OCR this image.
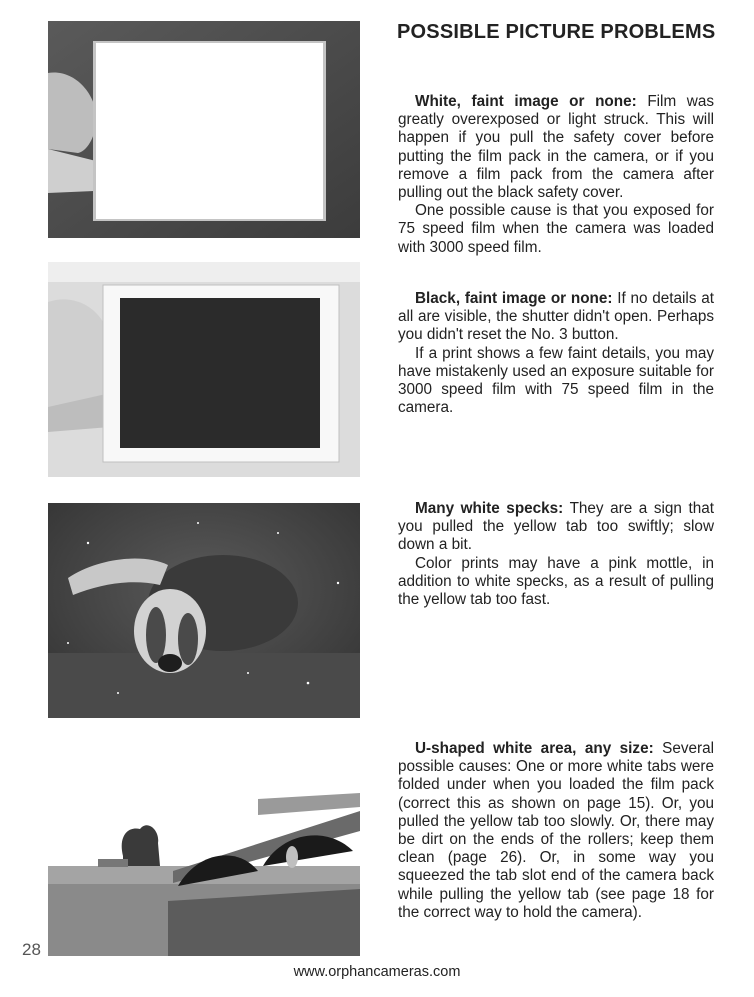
POSSIBLE PICTURE PROBLEMS

White, faint image or none: Film was greatly overexposed or light struck. This will happen if you pull the safety cover before putting the film pack in the camera, or if you remove a film pack from the camera after pulling out the black safety cover.

One possible cause is that you exposed for 75 speed film when the camera was loaded with 3000 speed film.

Black, faint image or none: If no details at all are visible, the shutter didn't open. Perhaps you didn't reset the No. 3 button.

If a print shows a few faint details, you may have mistakenly used an exposure suitable for 3000 speed film with 75 speed film in the camera.

Many white specks: They are a sign that you pulled the yellow tab too swiftly; slow down a bit.

Color prints may have a pink mottle, in addition to white specks, as a result of pulling the yellow tab too fast.

U-shaped white area, any size: Several possible causes: One or more white tabs were folded under when you loaded the film pack (correct this as shown on page 15). Or, you pulled the yellow tab too slowly. Or, there may be dirt on the ends of the rollers; keep them clean (page 26). Or, in some way you squeezed the tab slot end of the camera back while pulling the yellow tab (see page 18 for the correct way to hold the camera).

28
www.orphancameras.com
